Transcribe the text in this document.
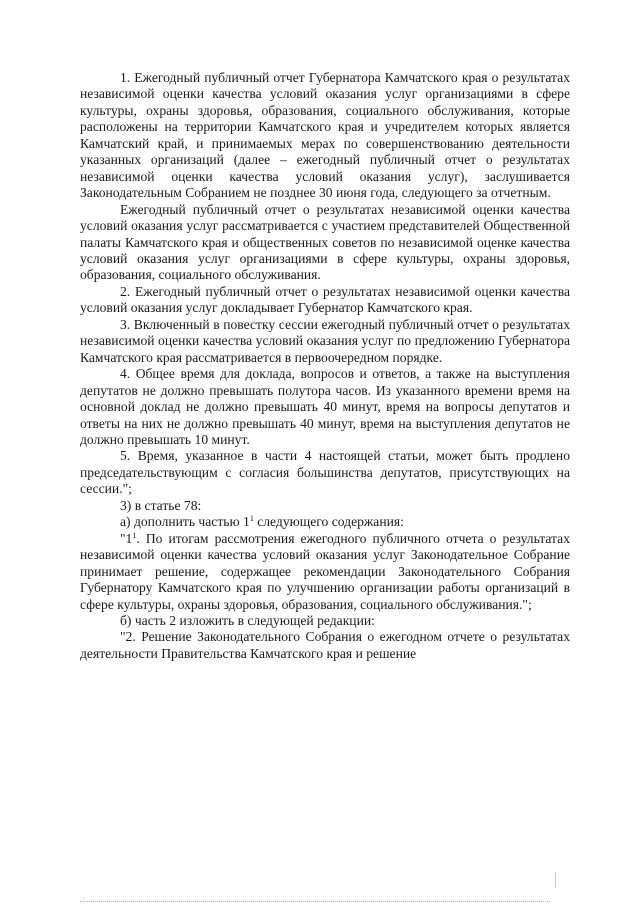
1. Ежегодный публичный отчет Губернатора Камчатского края о результатах независимой оценки качества условий оказания услуг организациями в сфере культуры, охраны здоровья, образования, социального обслуживания, которые расположены на территории Камчатского края и учредителем которых является Камчатский край, и принимаемых мерах по совершенствованию деятельности указанных организаций (далее – ежегодный публичный отчет о результатах независимой оценки качества условий оказания услуг), заслушивается Законодательным Собранием не позднее 30 июня года, следующего за отчетным.

Ежегодный публичный отчет о результатах независимой оценки качества условий оказания услуг рассматривается с участием представителей Общественной палаты Камчатского края и общественных советов по независимой оценке качества условий оказания услуг организациями в сфере культуры, охраны здоровья, образования, социального обслуживания.

2. Ежегодный публичный отчет о результатах независимой оценки качества условий оказания услуг докладывает Губернатор Камчатского края.

3. Включенный в повестку сессии ежегодный публичный отчет о результатах независимой оценки качества условий оказания услуг по предложению Губернатора Камчатского края рассматривается в первоочередном порядке.

4. Общее время для доклада, вопросов и ответов, а также на выступления депутатов не должно превышать полутора часов. Из указанного времени время на основной доклад не должно превышать 40 минут, время на вопросы депутатов и ответы на них не должно превышать 40 минут, время на выступления депутатов не должно превышать 10 минут.

5. Время, указанное в части 4 настоящей статьи, может быть продлено председательствующим с согласия большинства депутатов, присутствующих на сессии.";

3) в статье 78:

а) дополнить частью $1^1$ следующего содержания:

"$1^1$. По итогам рассмотрения ежегодного публичного отчета о результатах независимой оценки качества условий оказания услуг Законодательное Собрание принимает решение, содержащее рекомендации Законодательного Собрания Губернатору Камчатского края по улучшению организации работы организаций в сфере культуры, охраны здоровья, образования, социального обслуживания.";

б) часть 2 изложить в следующей редакции:

"2. Решение Законодательного Собрания о ежегодном отчете о результатах деятельности Правительства Камчатского края и решение
